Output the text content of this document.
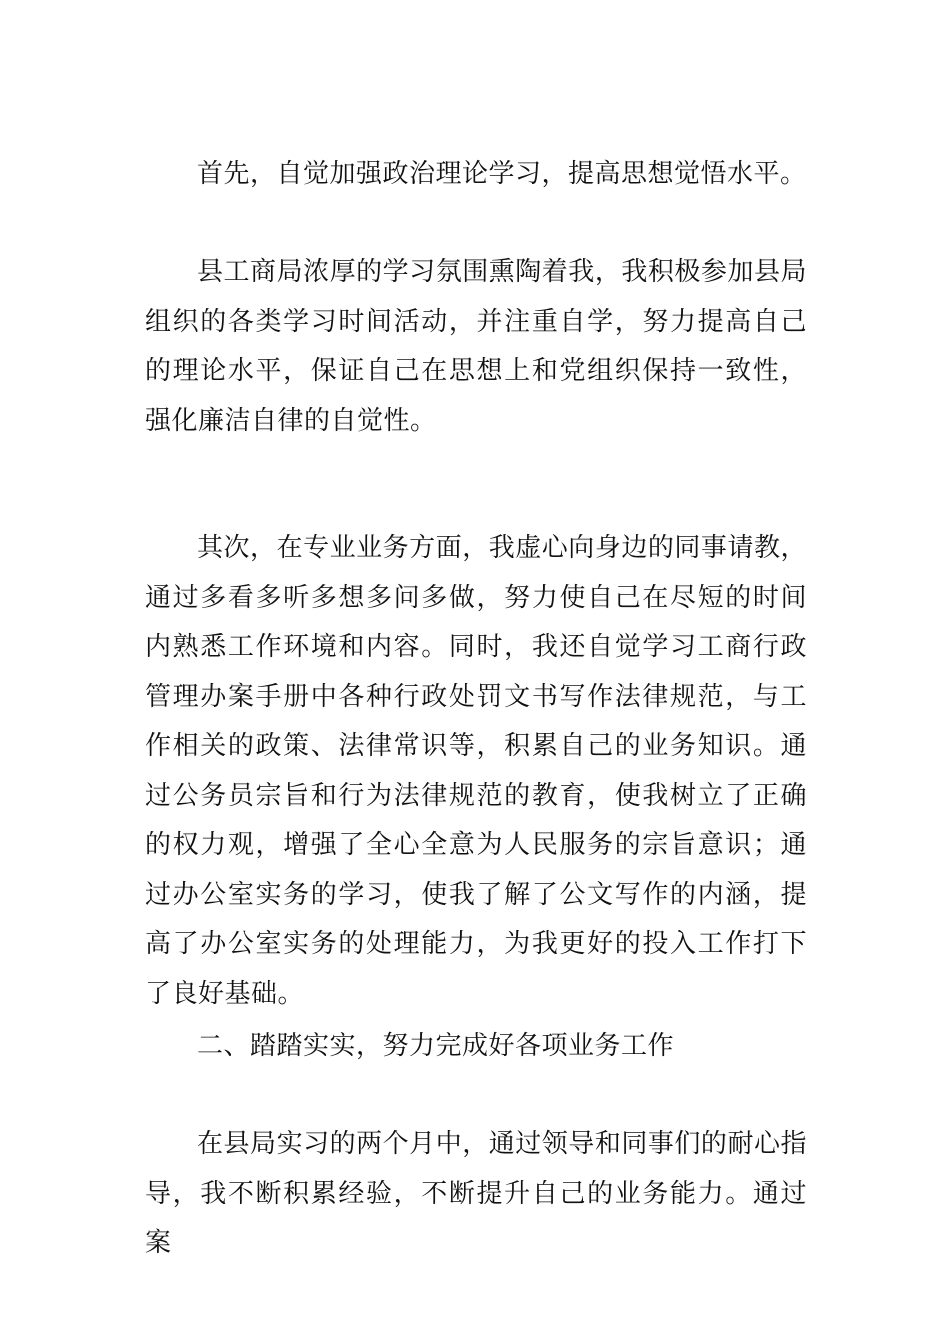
首先，自觉加强政治理论学习，提高思想觉悟水平。

县工商局浓厚的学习氛围熏陶着我，我积极参加县局组织的各类学习时间活动，并注重自学，努力提高自己的理论水平，保证自己在思想上和党组织保持一致性，强化廉洁自律的自觉性。

其次，在专业业务方面，我虚心向身边的同事请教，通过多看多听多想多问多做，努力使自己在尽短的时间内熟悉工作环境和内容。同时，我还自觉学习工商行政管理办案手册中各种行政处罚文书写作法律规范，与工作相关的政策、法律常识等，积累自己的业务知识。通过公务员宗旨和行为法律规范的教育，使我树立了正确的权力观，增强了全心全意为人民服务的宗旨意识；通过办公室实务的学习，使我了解了公文写作的内涵，提高了办公室实务的处理能力，为我更好的投入工作打下了良好基础。

二、踏踏实实，努力完成好各项业务工作

在县局实习的两个月中，通过领导和同事们的耐心指导，我不断积累经验，不断提升自己的业务能力。通过案
